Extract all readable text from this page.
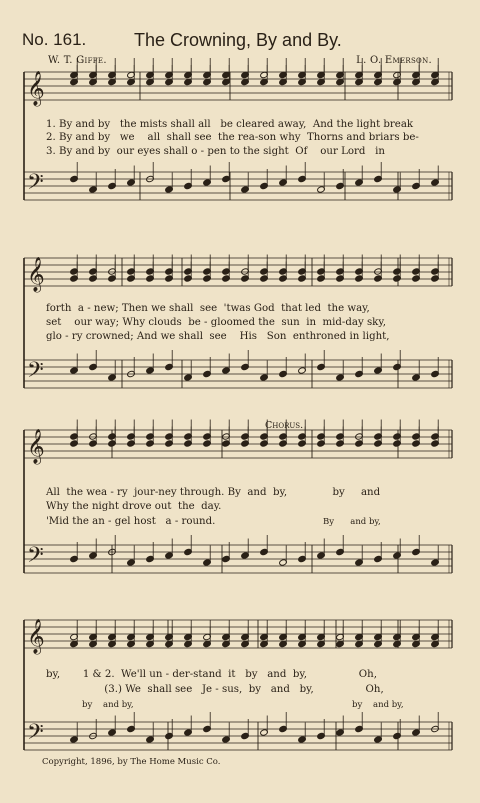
No. 161.	The Crowning, By and By.
W. T. Giffe.	L. O. Emerson.
𝄞
𝄢
𝄞
𝄢
𝄞
𝄢
𝄞
𝄢
1. By and by   the mists shall all   be cleared away,  And the light break
2. By and by   we    all  shall see  the rea-son why  Thorns and briars be-
3. By and by  our eyes shall o - pen to the sight  Of    our Lord   in
forth  a - new; Then we shall  see  'twas God  that led  the way,
set    our way; Why clouds  be - gloomed the  sun  in  mid-day sky,
glo - ry crowned; And we shall  see    His   Son  enthroned in light,
Chorus.
All  the wea - ry  jour-ney through. By  and  by,              by     and
Why the night drove out  the  day.
'Mid the an - gel host   a - round.	By      and by,
by,       1 & 2.  We'll un - der-stand  it   by   and  by,                Oh,
(3.) We  shall see   Je - sus,  by   and   by,                Oh,
by    and by,	by    and by,
Copyright, 1896, by The Home Music Co.
